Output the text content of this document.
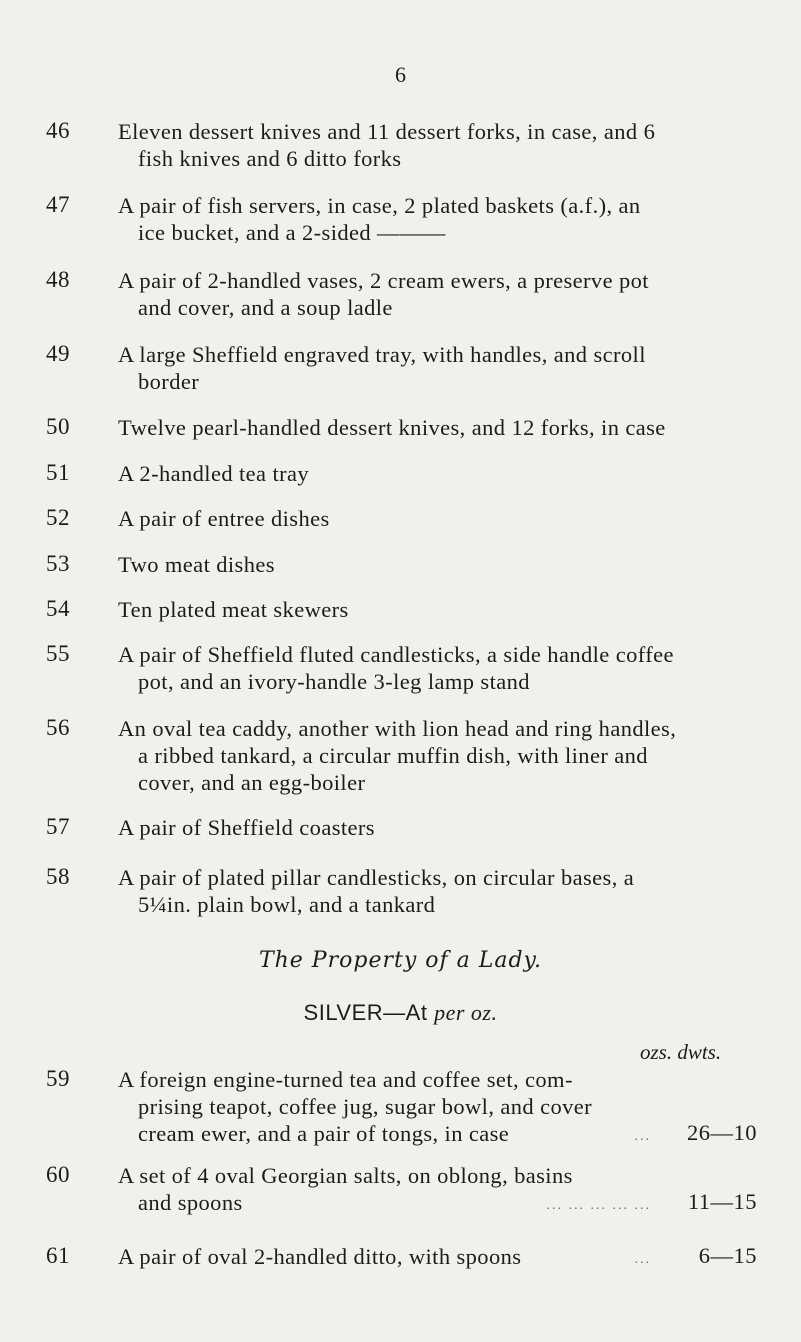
6
46 Eleven dessert knives and 11 dessert forks, in case, and 6
fish knives and 6 ditto forks
47 A pair of fish servers, in case, 2 plated baskets (a.f.), an
ice bucket, and a 2-sided ———
48 A pair of 2-handled vases, 2 cream ewers, a preserve pot
and cover, and a soup ladle
49 A large Sheffield engraved tray, with handles, and scroll
border
50 Twelve pearl-handled dessert knives, and 12 forks, in case
51 A 2-handled tea tray
52 A pair of entree dishes
53 Two meat dishes
54 Ten plated meat skewers
55 A pair of Sheffield fluted candlesticks, a side handle coffee
pot, and an ivory-handle 3-leg lamp stand
56 An oval tea caddy, another with lion head and ring handles,
a ribbed tankard, a circular muffin dish, with liner and
cover, and an egg-boiler
57 A pair of Sheffield coasters
58 A pair of plated pillar candlesticks, on circular bases, a
5¼in. plain bowl, and a tankard
The Property of a Lady.
SILVER—At per oz.
ozs. dwts.
59 A foreign engine-turned tea and coffee set, com-
prising teapot, coffee jug, sugar bowl, and cover
cream ewer, and a pair of tongs, in case	... 26—10
60 A set of 4 oval Georgian salts, on oblong, basins
and spoons	... ... ... ... ... 11—15
61 A pair of oval 2-handled ditto, with spoons	... 6—15
